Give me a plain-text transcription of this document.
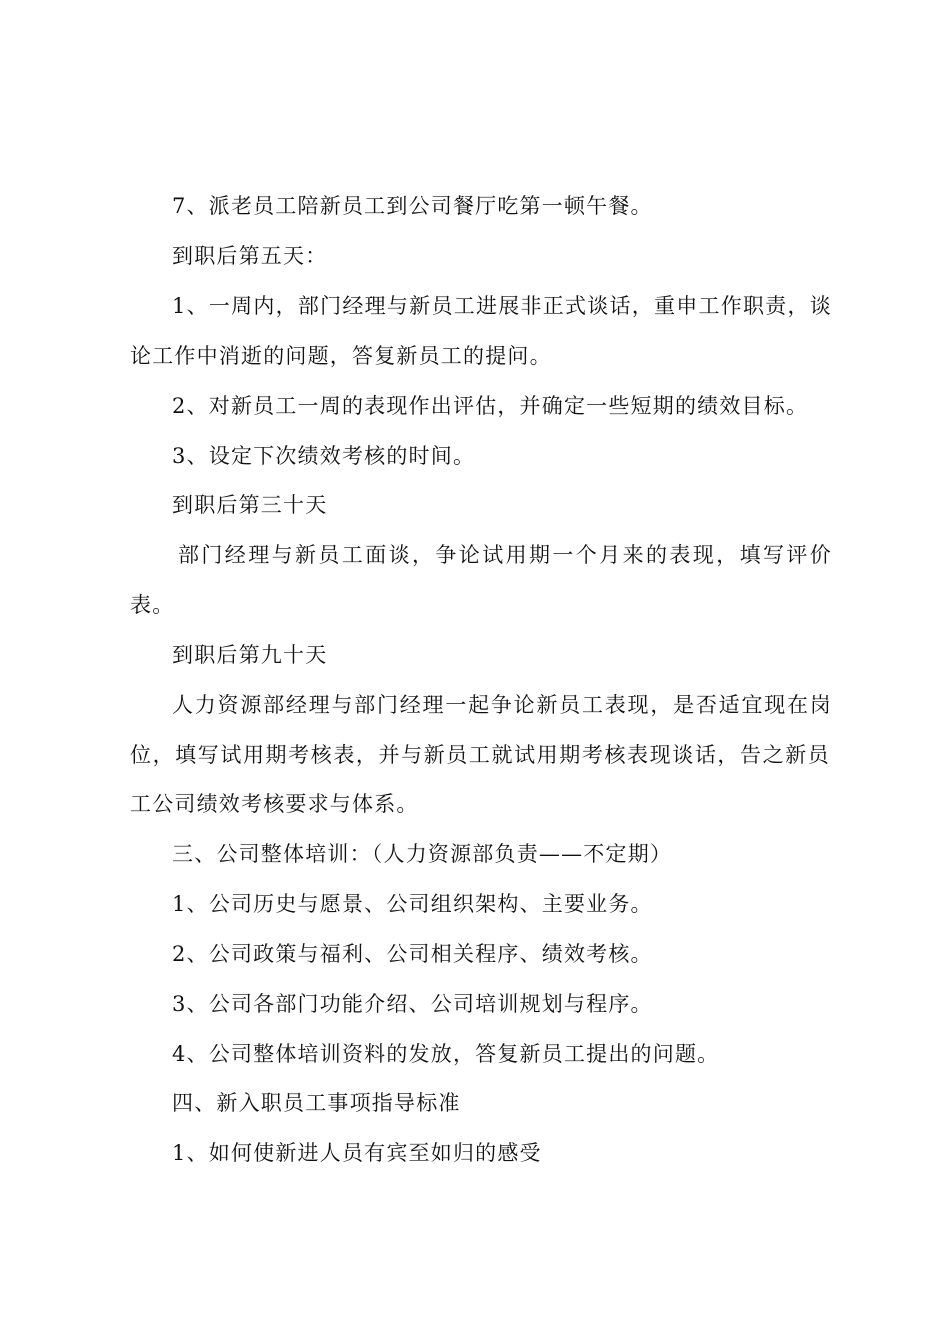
7、派老员工陪新员工到公司餐厅吃第一顿午餐。
到职后第五天：
1、一周内，部门经理与新员工进展非正式谈话，重申工作职责，谈
论工作中消逝的问题，答复新员工的提问。
2、对新员工一周的表现作出评估，并确定一些短期的绩效目标。
3、设定下次绩效考核的时间。
到职后第三十天
部门经理与新员工面谈，争论试用期一个月来的表现，填写评价
表。
到职后第九十天
人力资源部经理与部门经理一起争论新员工表现，是否适宜现在岗
位，填写试用期考核表，并与新员工就试用期考核表现谈话，告之新员
工公司绩效考核要求与体系。
三、公司整体培训：（人力资源部负责——不定期）
1、公司历史与愿景、公司组织架构、主要业务。
2、公司政策与福利、公司相关程序、绩效考核。
3、公司各部门功能介绍、公司培训规划与程序。
4、公司整体培训资料的发放，答复新员工提出的问题。
四、新入职员工事项指导标准
1、如何使新进人员有宾至如归的感受
